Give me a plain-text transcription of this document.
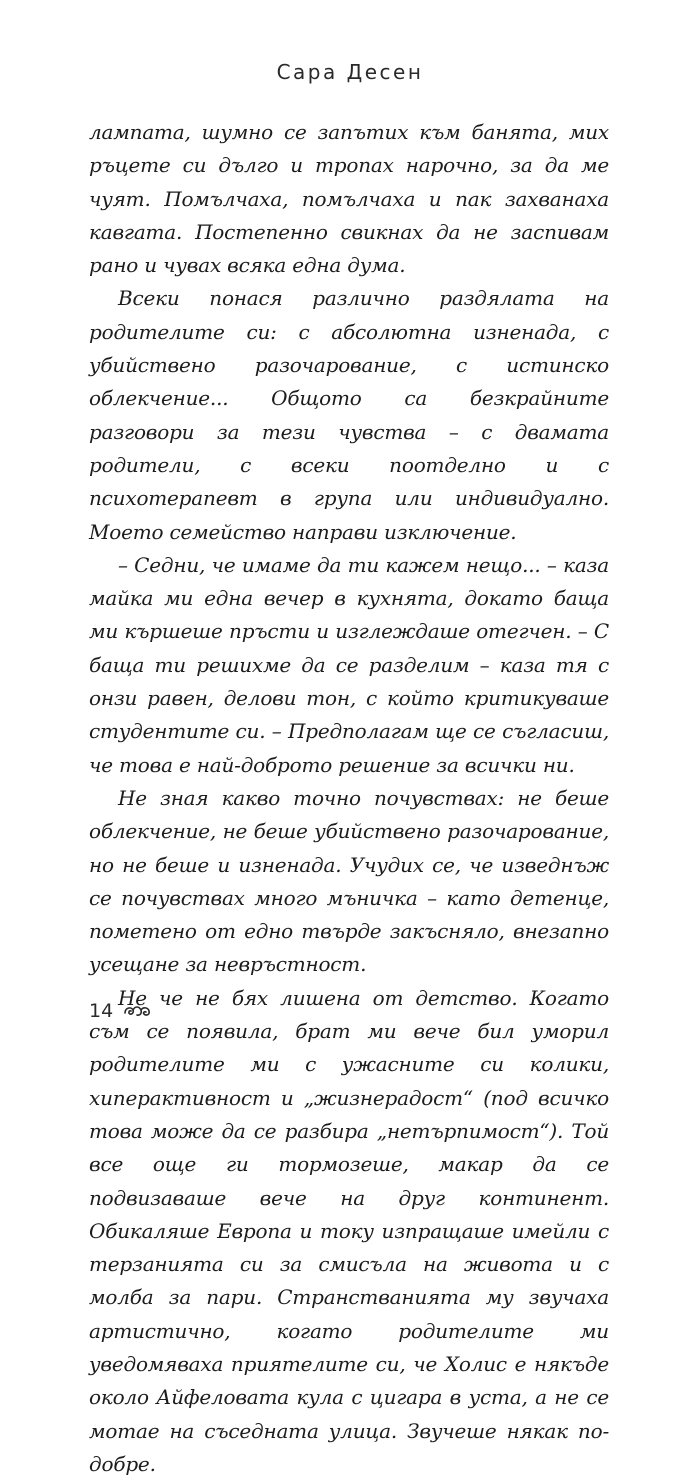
Сара Десен

лампата, шумно се запътих към банята, мих ръцете си дълго и тропах нарочно, за да ме чуят. Помълчаха, помълчаха и пак захванаха кавгата. Постепенно свикнах да не заспивам рано и чувах всяка една дума.

Всеки понася различно раздялата на родителите си: с абсолютна изненада, с убийствено разочарование, с истинско облекчение... Общото са безкрайните разговори за тези чувства – с двамата родители, с всеки поотделно и с психотерапевт в група или индивидуално. Моето семейство направи изключение.

– Седни, че имаме да ти кажем нещо... – каза майка ми една вечер в кухнята, докато баща ми кършеше пръсти и изглеждаше отегчен. – С баща ти решихме да се разделим – каза тя с онзи равен, делови тон, с който критикуваше студентите си. – Предполагам ще се съгласиш, че това е най-доброто решение за всички ни.

Не зная какво точно почувствах: не беше облекчение, не беше убийствено разочарование, но не беше и изненада. Учудих се, че изведнъж се почувствах много мъничка – като детенце, пометено от едно твърде закъсняло, внезапно усещане за невръстност.

Не че не бях лишена от детство. Когато съм се появила, брат ми вече бил уморил родителите ми с ужасните си колики, хиперактивност и „жизнерадост“ (под всичко това може да се разбира „нетърпимост“). Той все още ги тормозеше, макар да се подвизаваше вече на друг континент. Обикаляше Европа и току изпращаше имейли с терзанията си за смисъла на живота и с молба за пари. Странстванията му звучаха артистично, когато родителите ми уведомяваха приятелите си, че Холис е някъде около Айфеловата кула с цигара в уста, а не се мотае на съседната улица. Звучеше някак по-добре.

14
